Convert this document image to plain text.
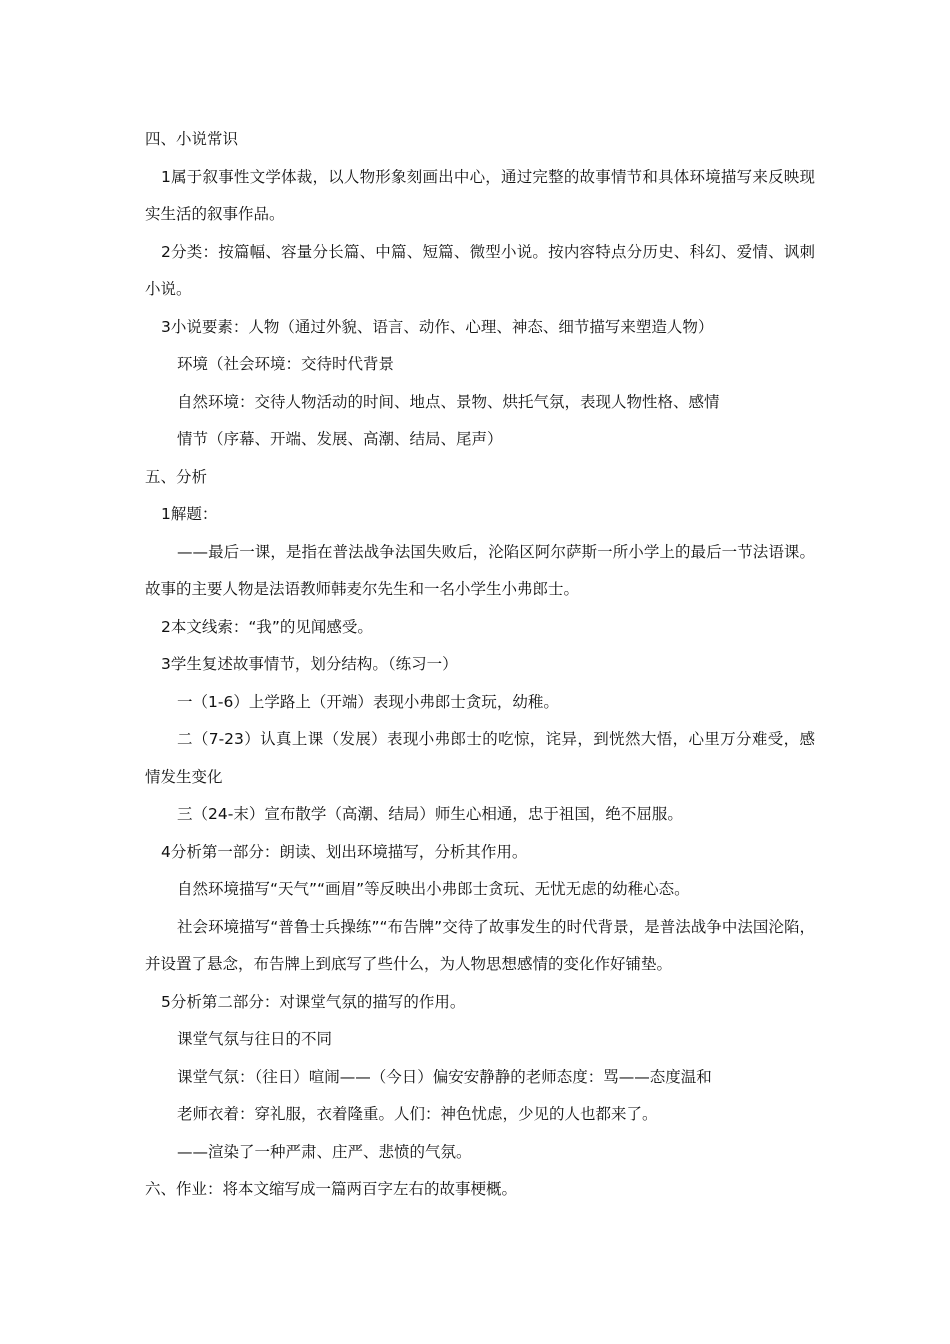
四、小说常识

1属于叙事性文学体裁，以人物形象刻画出中心，通过完整的故事情节和具体环境描写来反映现实生活的叙事作品。

2分类：按篇幅、容量分长篇、中篇、短篇、微型小说。按内容特点分历史、科幻、爱情、讽刺小说。

3小说要素：人物（通过外貌、语言、动作、心理、神态、细节描写来塑造人物）

环境（社会环境：交待时代背景

自然环境：交待人物活动的时间、地点、景物、烘托气氛，表现人物性格、感情

情节（序幕、开端、发展、高潮、结局、尾声）

五、分析

1解题：

——最后一课，是指在普法战争法国失败后，沦陷区阿尔萨斯一所小学上的最后一节法语课。故事的主要人物是法语教师韩麦尔先生和一名小学生小弗郎士。

2本文线索：“我”的见闻感受。

3学生复述故事情节，划分结构。（练习一）

一（1-6）上学路上（开端）表现小弗郎士贪玩，幼稚。

二（7-23）认真上课（发展）表现小弗郎士的吃惊，诧异，到恍然大悟，心里万分难受，感情发生变化

三（24-末）宣布散学（高潮、结局）师生心相通，忠于祖国，绝不屈服。

4分析第一部分：朗读、划出环境描写，分析其作用。

自然环境描写“天气”“画眉”等反映出小弗郎士贪玩、无忧无虑的幼稚心态。

社会环境描写“普鲁士兵操练”“布告牌”交待了故事发生的时代背景，是普法战争中法国沦陷，并设置了悬念，布告牌上到底写了些什么，为人物思想感情的变化作好铺垫。

5分析第二部分：对课堂气氛的描写的作用。

课堂气氛与往日的不同

课堂气氛：（往日）喧闹——（今日）偏安安静静的老师态度：骂——态度温和

老师衣着：穿礼服，衣着隆重。人们：神色忧虑，少见的人也都来了。

——渲染了一种严肃、庄严、悲愤的气氛。

六、作业：将本文缩写成一篇两百字左右的故事梗概。
